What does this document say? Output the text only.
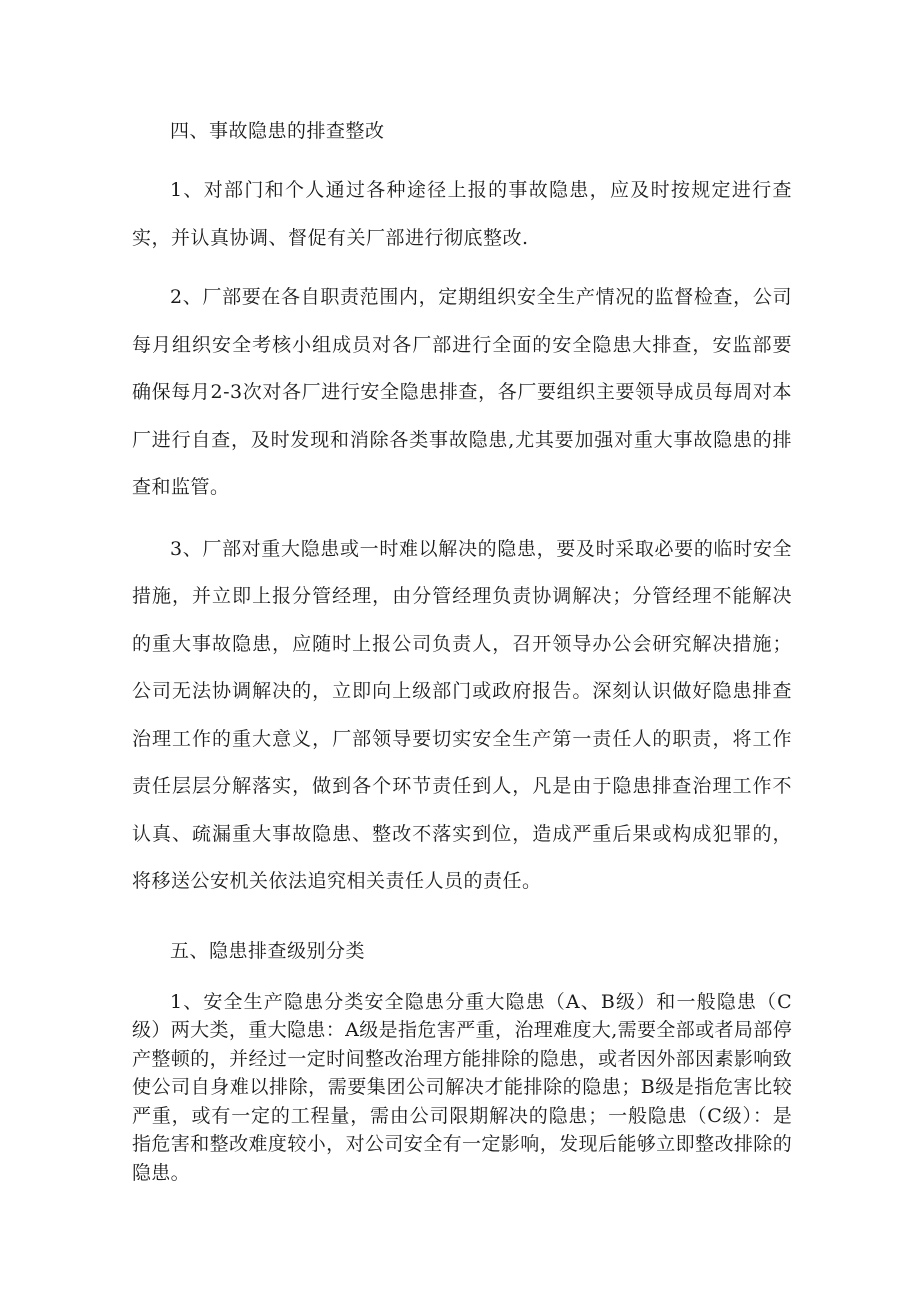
四、事故隐患的排查整改

1、对部门和个人通过各种途径上报的事故隐患，应及时按规定进行查实，并认真协调、督促有关厂部进行彻底整改.

2、厂部要在各自职责范围内，定期组织安全生产情况的监督检查，公司每月组织安全考核小组成员对各厂部进行全面的安全隐患大排查，安监部要确保每月2-3次对各厂进行安全隐患排查，各厂要组织主要领导成员每周对本厂进行自查，及时发现和消除各类事故隐患,尤其要加强对重大事故隐患的排查和监管。

3、厂部对重大隐患或一时难以解决的隐患，要及时采取必要的临时安全措施，并立即上报分管经理，由分管经理负责协调解决；分管经理不能解决的重大事故隐患，应随时上报公司负责人，召开领导办公会研究解决措施；公司无法协调解决的，立即向上级部门或政府报告。深刻认识做好隐患排查治理工作的重大意义，厂部领导要切实安全生产第一责任人的职责，将工作责任层层分解落实，做到各个环节责任到人，凡是由于隐患排查治理工作不认真、疏漏重大事故隐患、整改不落实到位，造成严重后果或构成犯罪的，将移送公安机关依法追究相关责任人员的责任。

五、隐患排查级别分类

1、安全生产隐患分类安全隐患分重大隐患（A、B级）和一般隐患（C级）两大类，重大隐患：A级是指危害严重，治理难度大,需要全部或者局部停产整顿的，并经过一定时间整改治理方能排除的隐患，或者因外部因素影响致使公司自身难以排除，需要集团公司解决才能排除的隐患；B级是指危害比较严重，或有一定的工程量，需由公司限期解决的隐患；一般隐患（C级）：是指危害和整改难度较小，对公司安全有一定影响，发现后能够立即整改排除的隐患。
